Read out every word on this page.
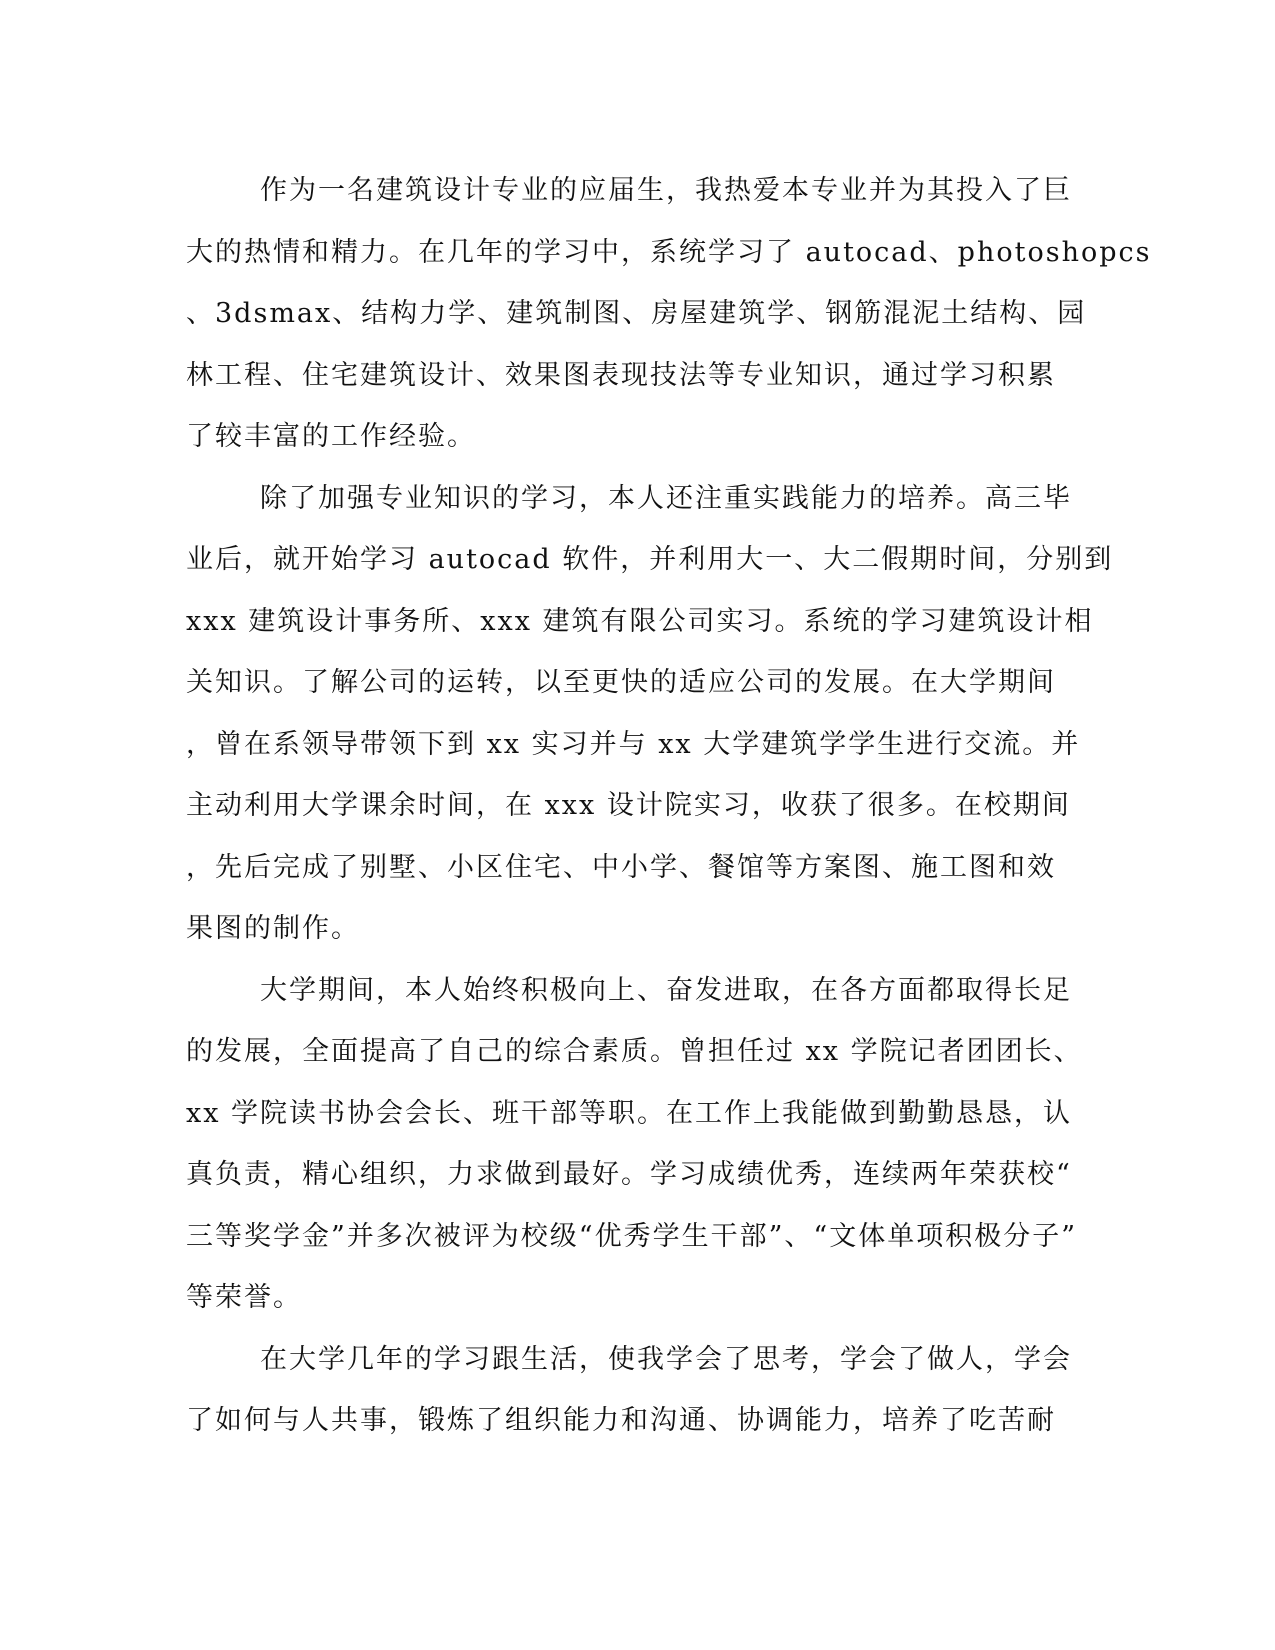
作为一名建筑设计专业的应届生，我热爱本专业并为其投入了巨
大的热情和精力。在几年的学习中，系统学习了 autocad、photoshopcs
、3dsmax、结构力学、建筑制图、房屋建筑学、钢筋混泥土结构、园
林工程、住宅建筑设计、效果图表现技法等专业知识，通过学习积累
了较丰富的工作经验。
除了加强专业知识的学习，本人还注重实践能力的培养。高三毕
业后，就开始学习 autocad 软件，并利用大一、大二假期时间，分别到
xxx 建筑设计事务所、xxx 建筑有限公司实习。系统的学习建筑设计相
关知识。了解公司的运转，以至更快的适应公司的发展。在大学期间
，曾在系领导带领下到 xx 实习并与 xx 大学建筑学学生进行交流。并
主动利用大学课余时间，在 xxx 设计院实习，收获了很多。在校期间
，先后完成了别墅、小区住宅、中小学、餐馆等方案图、施工图和效
果图的制作。
大学期间，本人始终积极向上、奋发进取，在各方面都取得长足
的发展，全面提高了自己的综合素质。曾担任过 xx 学院记者团团长、
xx 学院读书协会会长、班干部等职。在工作上我能做到勤勤恳恳，认
真负责，精心组织，力求做到最好。学习成绩优秀，连续两年荣获校“
三等奖学金”并多次被评为校级“优秀学生干部”、“文体单项积极分子”
等荣誉。
在大学几年的学习跟生活，使我学会了思考，学会了做人，学会
了如何与人共事，锻炼了组织能力和沟通、协调能力，培养了吃苦耐
